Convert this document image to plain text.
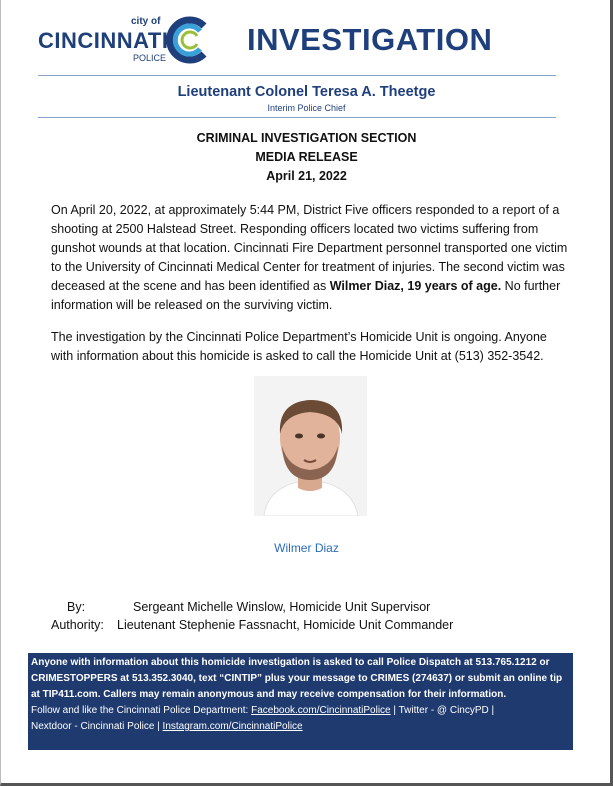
city of
CINCINNATI
POLICE
INVESTIGATION
Lieutenant Colonel Teresa A. Theetge
Interim Police Chief
CRIMINAL INVESTIGATION SECTION
MEDIA RELEASE
April 21, 2022
On April 20, 2022, at approximately 5:44 PM, District Five officers responded to a report of a shooting at 2500 Halstead Street. Responding officers located two victims suffering from gunshot wounds at that location. Cincinnati Fire Department personnel transported one victim to the University of Cincinnati Medical Center for treatment of injuries. The second victim was deceased at the scene and has been identified as Wilmer Diaz, 19 years of age. No further information will be released on the surviving victim.
The investigation by the Cincinnati Police Department’s Homicide Unit is ongoing. Anyone with information about this homicide is asked to call the Homicide Unit at (513) 352-3542.
Wilmer Diaz
By:	Sergeant Michelle Winslow, Homicide Unit Supervisor
Authority: Lieutenant Stephenie Fassnacht, Homicide Unit Commander
Anyone with information about this homicide investigation is asked to call Police Dispatch at 513.765.1212 or CRIMESTOPPERS at 513.352.3040, text “CINTIP” plus your message to CRIMES (274637) or submit an online tip at TIP411.com. Callers may remain anonymous and may receive compensation for their information.
Follow and like the Cincinnati Police Department: Facebook.com/CincinnatiPolice | Twitter - @ CincyPD |
Nextdoor - Cincinnati Police | Instagram.com/CincinnatiPolice
